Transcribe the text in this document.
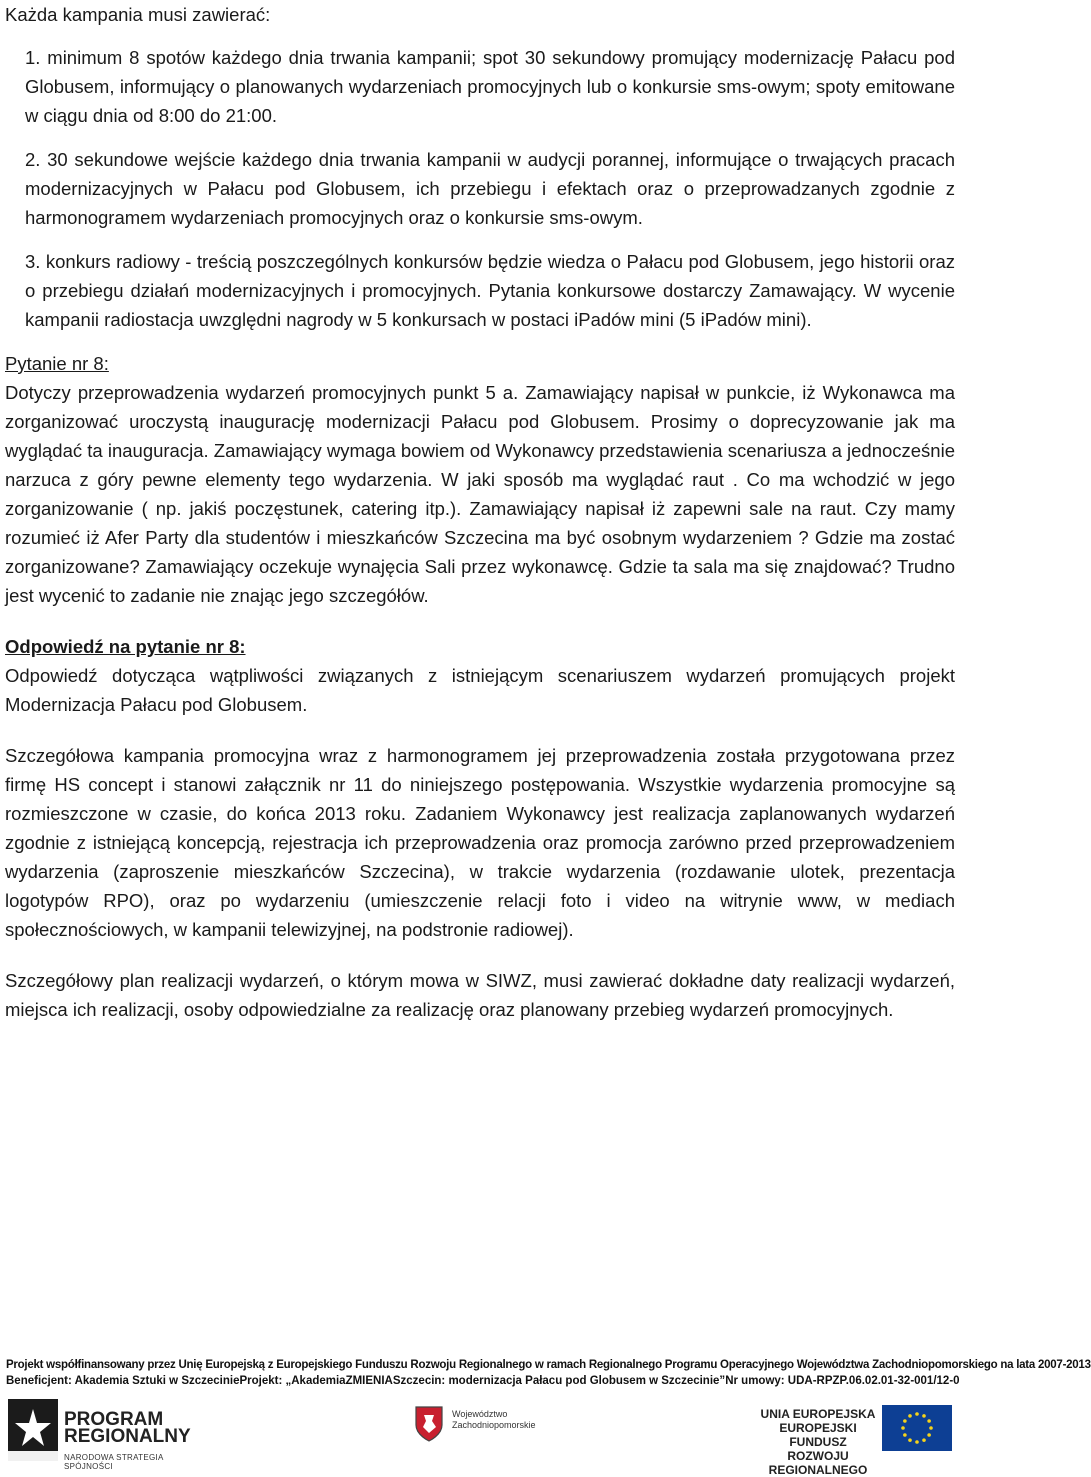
Każda kampania musi zawierać:

1. minimum 8 spotów każdego dnia trwania kampanii; spot 30 sekundowy promujący modernizację Pałacu pod Globusem, informujący o planowanych wydarzeniach promocyjnych lub o konkursie sms-owym; spoty emitowane w ciągu dnia od 8:00 do 21:00.

2. 30 sekundowe wejście każdego dnia trwania kampanii w audycji porannej, informujące o trwających pracach modernizacyjnych w Pałacu pod Globusem, ich przebiegu i efektach oraz o przeprowadzanych zgodnie z harmonogramem wydarzeniach promocyjnych oraz o konkursie sms-owym.

3. konkurs radiowy - treścią poszczególnych konkursów będzie wiedza o Pałacu pod Globusem, jego historii oraz o przebiegu działań modernizacyjnych i promocyjnych. Pytania konkursowe dostarczy Zamawający. W wycenie kampanii radiostacja uwzględni nagrody w 5 konkursach w postaci iPadów mini (5 iPadów mini).

Pytanie nr 8:

Dotyczy przeprowadzenia wydarzeń promocyjnych punkt 5 a. Zamawiający napisał w punkcie, iż Wykonawca ma zorganizować uroczystą inaugurację modernizacji Pałacu pod Globusem. Prosimy o doprecyzowanie jak ma wyglądać ta inauguracja. Zamawiający wymaga bowiem od Wykonawcy przedstawienia scenariusza a jednocześnie narzuca z góry pewne elementy tego wydarzenia. W jaki sposób ma wyglądać raut . Co ma wchodzić w jego zorganizowanie ( np. jakiś poczęstunek, catering itp.). Zamawiający napisał iż zapewni sale na raut. Czy mamy rozumieć iż Afer Party dla studentów i mieszkańców Szczecina ma być osobnym wydarzeniem ? Gdzie ma zostać zorganizowane? Zamawiający oczekuje wynajęcia Sali przez wykonawcę. Gdzie ta sala ma się znajdować? Trudno jest wycenić to zadanie nie znając jego szczegółów.

Odpowiedź na pytanie nr 8:

Odpowiedź dotycząca wątpliwości związanych z istniejącym scenariuszem wydarzeń promujących projekt Modernizacja Pałacu pod Globusem.

Szczegółowa kampania promocyjna wraz z harmonogramem jej przeprowadzenia została przygotowana przez firmę HS concept i stanowi załącznik nr 11 do niniejszego postępowania. Wszystkie wydarzenia promocyjne są rozmieszczone w czasie, do końca 2013 roku. Zadaniem Wykonawcy jest realizacja zaplanowanych wydarzeń zgodnie z istniejącą koncepcją, rejestracja ich przeprowadzenia oraz promocja zarówno przed przeprowadzeniem wydarzenia (zaproszenie mieszkańców Szczecina), w trakcie wydarzenia (rozdawanie ulotek, prezentacja logotypów RPO), oraz po wydarzeniu (umieszczenie relacji foto i video na witrynie www, w mediach społecznościowych, w kampanii telewizyjnej, na podstronie radiowej).

Szczegółowy plan realizacji wydarzeń, o którym mowa w SIWZ, musi zawierać dokładne daty realizacji wydarzeń, miejsca ich realizacji, osoby odpowiedzialne za realizację oraz planowany przebieg wydarzeń promocyjnych.

Projekt współfinansowany przez Unię Europejską z Europejskiego Funduszu Rozwoju Regionalnego w ramach Regionalnego Programu Operacyjnego Województwa Zachodniopomorskiego na lata 2007-2013
Beneficjent: Akademia Sztuki w Szczecinie Projekt: „AkademiaZMIENIASzczecin: modernizacja Pałacu pod Globusem w Szczecinie” Nr umowy: UDA-RPZP.06.02.01-32-001/12-0
PROGRAM
REGIONALNY
NARODOWA STRATEGIA SPÓJNOŚCI
Województwo
Zachodniopomorskie
UNIA EUROPEJSKA
EUROPEJSKI FUNDUSZ
ROZWOJU REGIONALNEGO
